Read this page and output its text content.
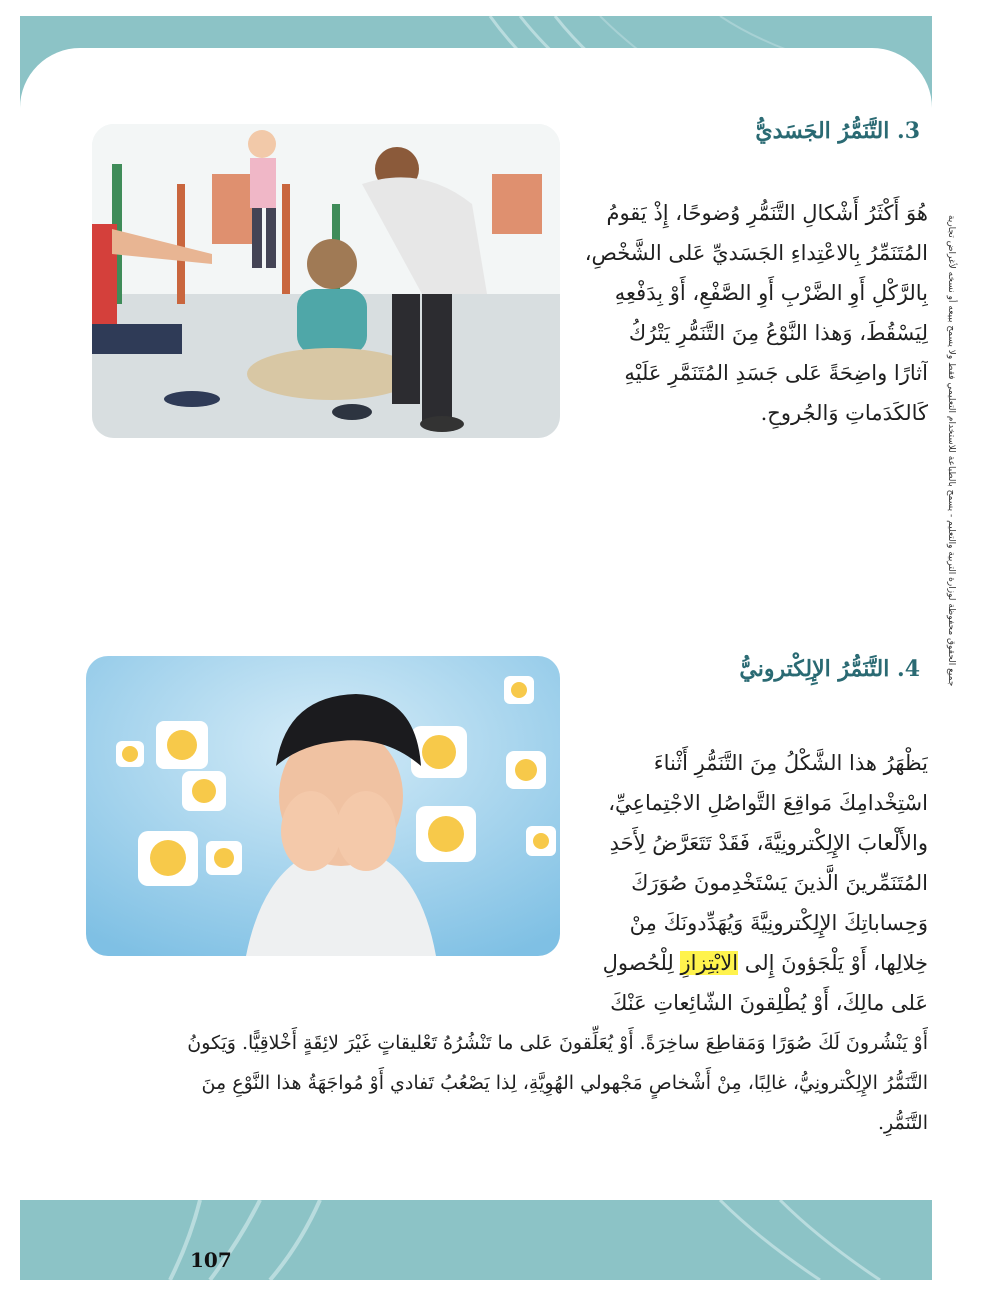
جميع الحقوق محفوظة لوزارة التربية والتعليم - يسمح بالطباعة للاستخدام التعليمي فقط ولا يسمح ببيعه أو نسخه لأغراض تجارية
3. التَّنَمُّرُ الجَسَديُّ
هُوَ أَكْثَرُ أَشْكالِ التَّنَمُّرِ وُضوحًا، إِذْ يَقومُ
المُتَنَمِّرُ بِالاعْتِداءِ الجَسَديِّ عَلى الشَّخْصِ،
بِالرَّكْلِ أَوِ الضَّرْبِ أَوِ الصَّفْعِ، أَوْ بِدَفْعِهِ
لِيَسْقُطَ، وَهذا النَّوْعُ مِنَ التَّنَمُّرِ يَتْرُكُ
آثارًا واضِحَةً عَلى جَسَدِ المُتَنَمَّرِ عَلَيْهِ
كَالكَدَماتِ وَالجُروحِ.
4. التَّنَمُّرُ الإِلِكْترونيُّ
يَظْهَرُ هذا الشَّكْلُ مِنَ التَّنَمُّرِ أَثْناءَ
اسْتِخْدامِكَ مَواقِعَ التَّواصُلِ الاجْتِماعِيِّ،
والأَلْعابَ الإِلِكْترونِيَّةَ، فَقَدْ تَتَعَرَّضُ لِأَحَدِ
المُتَنَمِّرينَ الَّذينَ يَسْتَخْدِمونَ صُوَرَكَ
وَحِساباتِكَ الإِلِكْترونِيَّةَ وَيُهَدِّدونَكَ مِنْ
خِلالِها، أَوْ يَلْجَؤونَ إِلى الابْتِزازِ لِلْحُصولِ
عَلى مالِكَ، أَوْ يُطْلِقونَ الشّائِعاتِ عَنْكَ
أَوْ يَنْشُرونَ لَكَ صُوَرًا وَمَقاطِعَ ساخِرَةً. أَوْ يُعَلِّقونَ عَلى ما تَنْشُرُهُ تَعْليقاتٍ غَيْرَ لائِقَةٍ أَخْلاقِيًّا. وَيَكونُ
التَّنَمُّرُ الإِلِكْترونِيُّ، غالِبًا، مِنْ أَشْخاصٍ مَجْهولي الهُوِيَّةِ، لِذا يَصْعُبُ تَفادي أَوْ مُواجَهَةُ هذا النَّوْعِ مِنَ
التَّنَمُّرِ.
107
